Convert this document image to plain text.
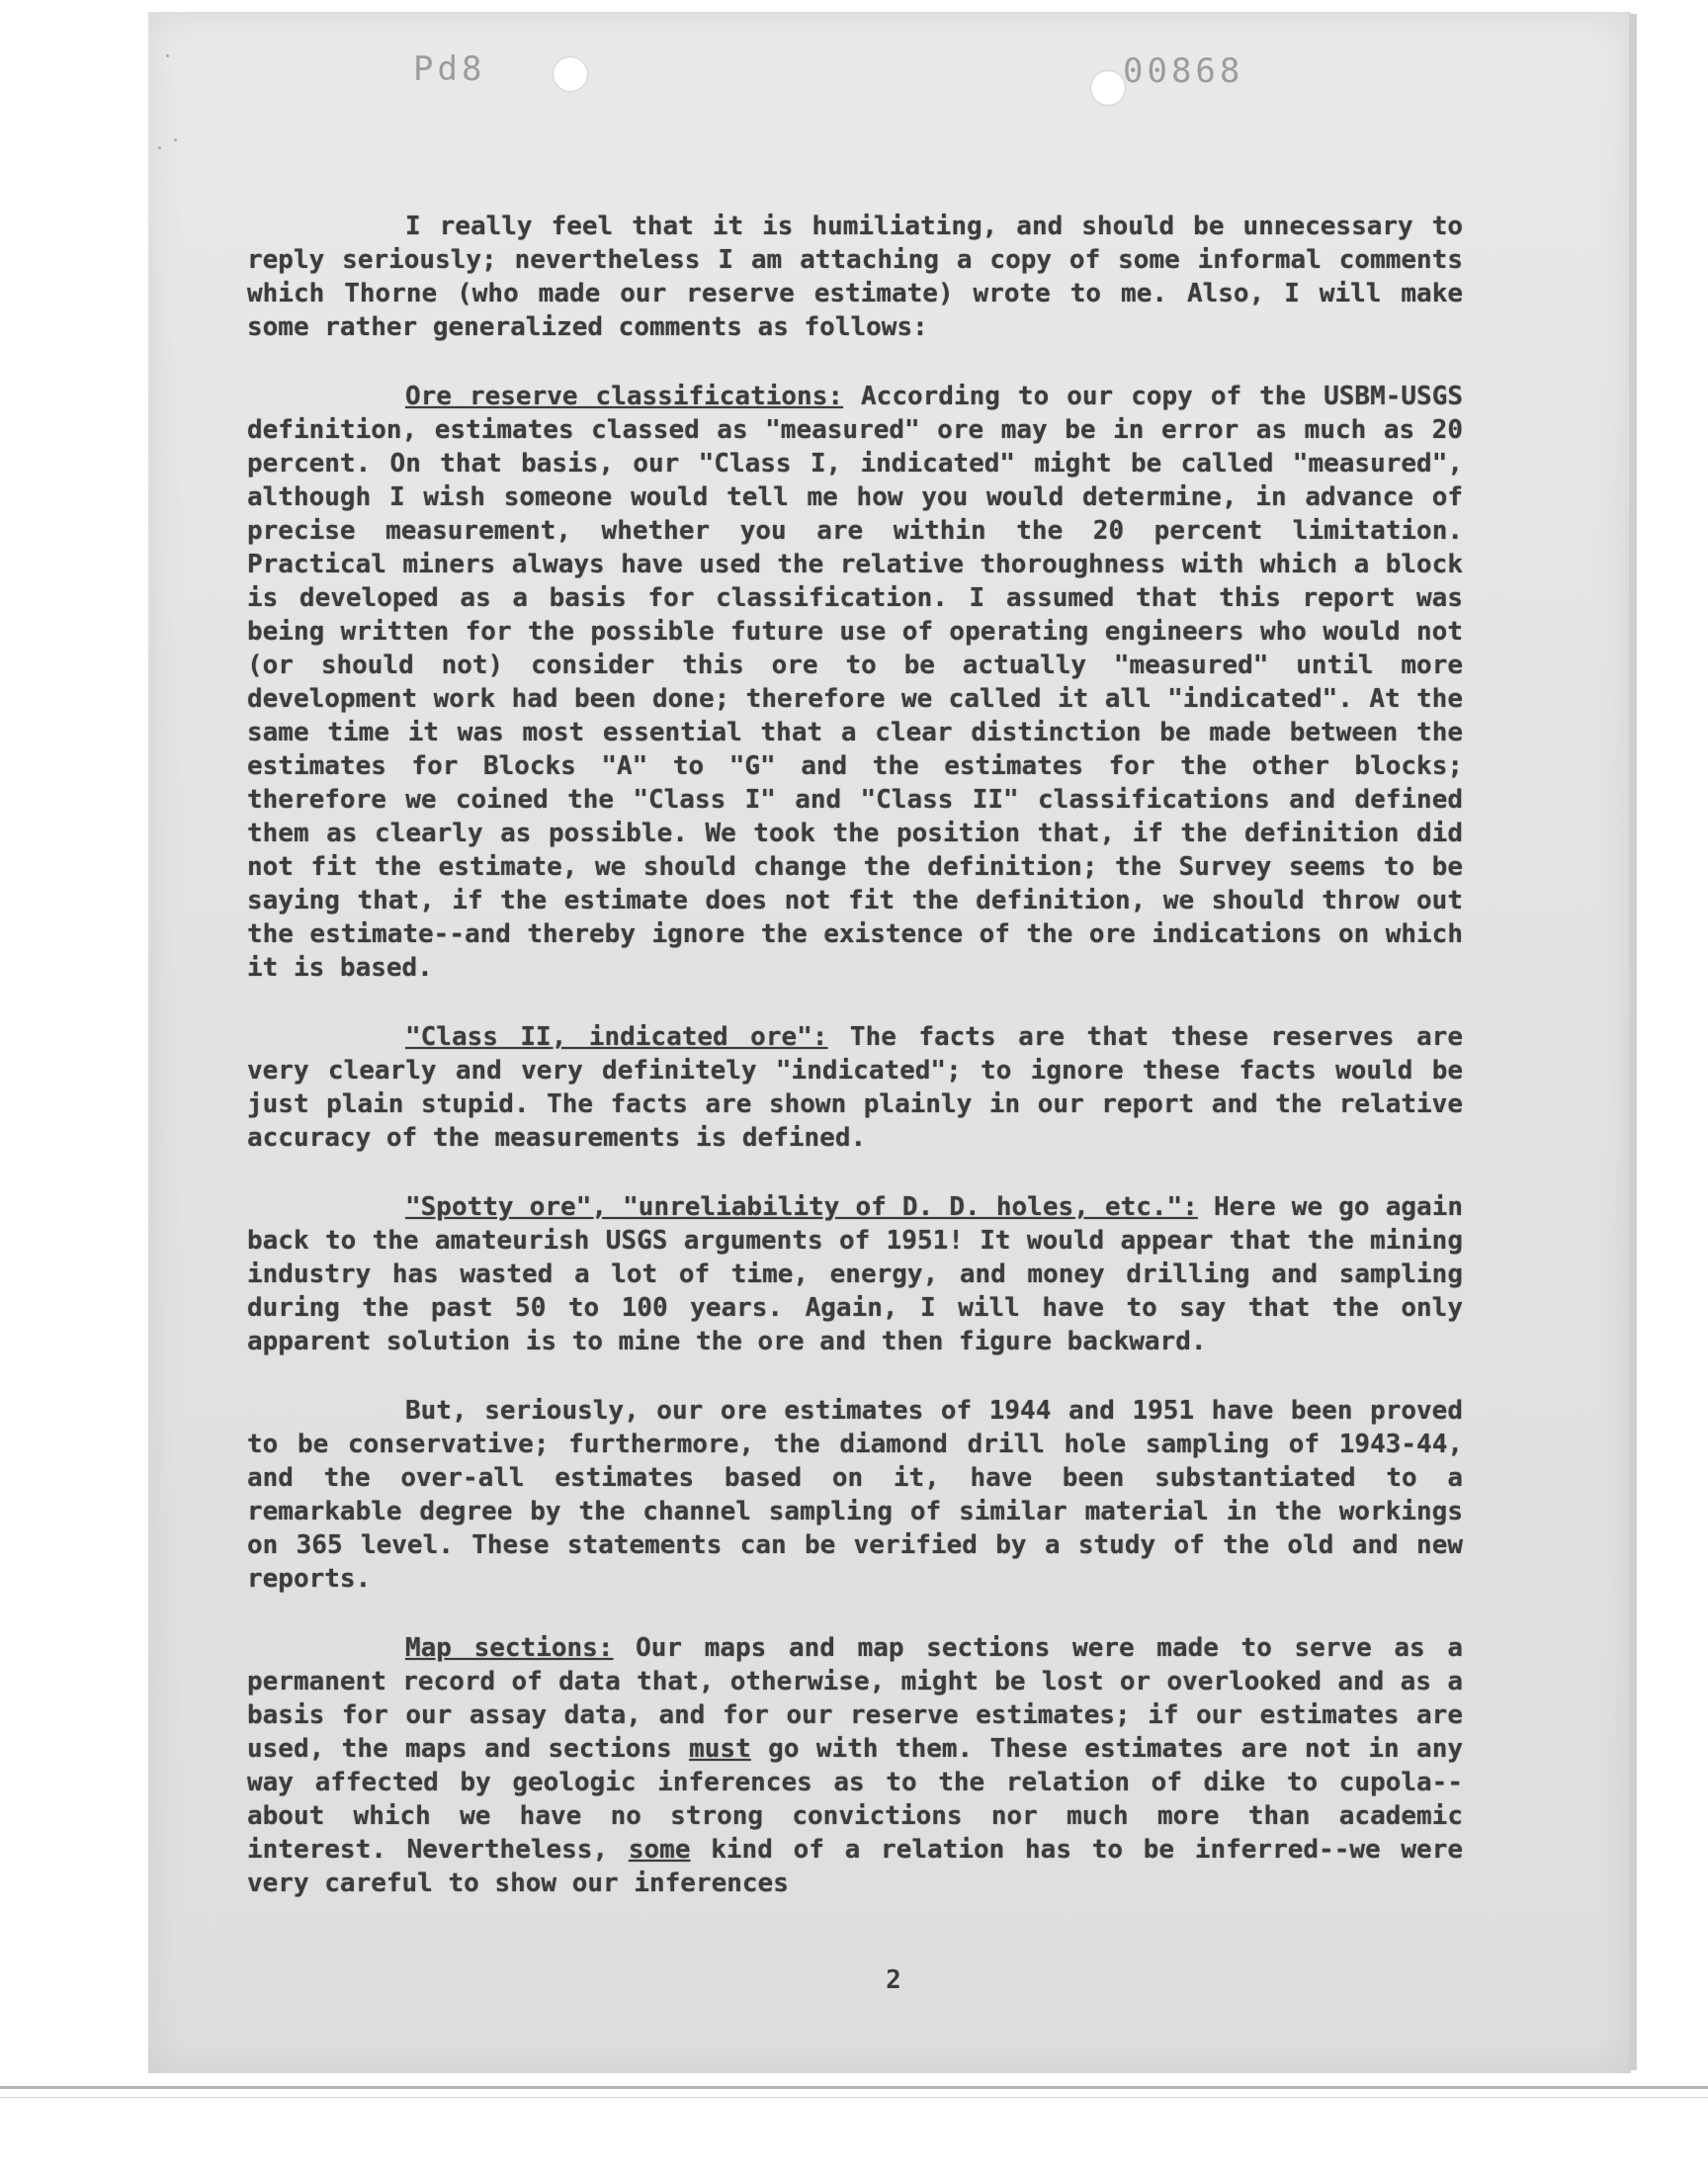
Pd8	00868

I really feel that it is humiliating, and should be unnecessary to reply seriously; nevertheless I am attaching a copy of some informal comments which Thorne (who made our reserve estimate) wrote to me. Also, I will make some rather generalized comments as follows:

Ore reserve classifications: According to our copy of the USBM-USGS definition, estimates classed as "measured" ore may be in error as much as 20 percent. On that basis, our "Class I, indicated" might be called "measured", although I wish someone would tell me how you would determine, in advance of precise measurement, whether you are within the 20 percent limitation. Practical miners always have used the relative thoroughness with which a block is developed as a basis for classification. I assumed that this report was being written for the possible future use of operating engineers who would not (or should not) consider this ore to be actually "measured" until more development work had been done; therefore we called it all "indicated". At the same time it was most essential that a clear distinction be made between the estimates for Blocks "A" to "G" and the estimates for the other blocks; therefore we coined the "Class I" and "Class II" classifications and defined them as clearly as possible. We took the position that, if the definition did not fit the estimate, we should change the definition; the Survey seems to be saying that, if the estimate does not fit the definition, we should throw out the estimate--and thereby ignore the existence of the ore indications on which it is based.

"Class II, indicated ore": The facts are that these reserves are very clearly and very definitely "indicated"; to ignore these facts would be just plain stupid. The facts are shown plainly in our report and the relative accuracy of the measurements is defined.

"Spotty ore", "unreliability of D. D. holes, etc.": Here we go again back to the amateurish USGS arguments of 1951! It would appear that the mining industry has wasted a lot of time, energy, and money drilling and sampling during the past 50 to 100 years. Again, I will have to say that the only apparent solution is to mine the ore and then figure backward.

But, seriously, our ore estimates of 1944 and 1951 have been proved to be conservative; furthermore, the diamond drill hole sampling of 1943-44, and the over-all estimates based on it, have been substantiated to a remarkable degree by the channel sampling of similar material in the workings on 365 level. These statements can be verified by a study of the old and new reports.

Map sections: Our maps and map sections were made to serve as a permanent record of data that, otherwise, might be lost or overlooked and as a basis for our assay data, and for our reserve estimates; if our estimates are used, the maps and sections must go with them. These estimates are not in any way affected by geologic inferences as to the relation of dike to cupola--about which we have no strong convictions nor much more than academic interest. Nevertheless, some kind of a relation has to be inferred--we were very careful to show our inferences

2
